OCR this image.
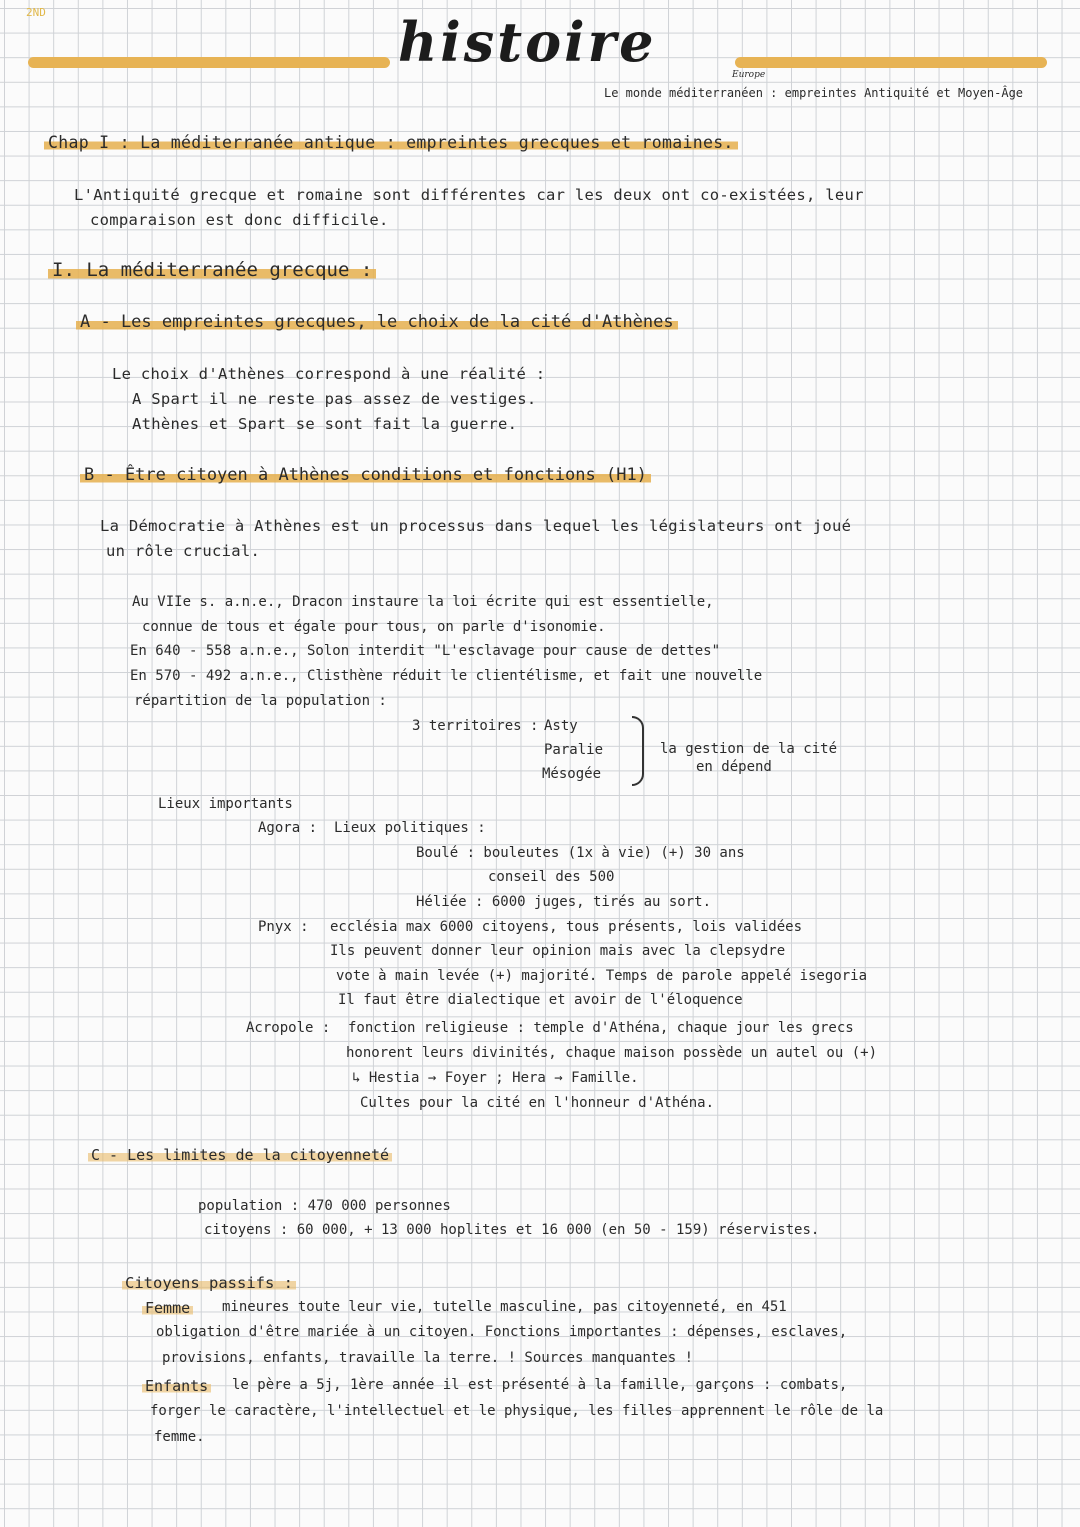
2ND	histoire
Europe
Le monde méditerranéen : empreintes Antiquité et Moyen-Âge
Chap I : La méditerranée antique : empreintes grecques et romaines.
L'Antiquité grecque et romaine sont différentes car les deux ont co-existées, leur
comparaison est donc difficile.
I. La méditerranée grecque :
A - Les empreintes grecques, le choix de la cité d'Athènes
Le choix d'Athènes correspond à une réalité :
A Spart il ne reste pas assez de vestiges.
Athènes et Spart se sont fait la guerre.
B - Être citoyen à Athènes conditions et fonctions (H1)
La Démocratie à Athènes est un processus dans lequel les législateurs ont joué
un rôle crucial.
Au VIIe s. a.n.e., Dracon instaure la loi écrite qui est essentielle,
connue de tous et égale pour tous, on parle d'isonomie.
En 640 - 558 a.n.e., Solon interdit "L'esclavage pour cause de dettes"
En 570 - 492 a.n.e., Clisthène réduit le clientélisme, et fait une nouvelle
répartition de la population :
3 territoires : Asty
Paralie
Mésogée
la gestion de la cité
en dépend
Lieux importants
Agora : Lieux politiques :
Boulé : bouleutes (1x à vie) (+) 30 ans
conseil des 500
Héliée : 6000 juges, tirés au sort.
Pnyx : ecclésia max 6000 citoyens, tous présents, lois validées
Ils peuvent donner leur opinion mais avec la clepsydre
vote à main levée (+) majorité. Temps de parole appelé isegoria
Il faut être dialectique et avoir de l'éloquence
Acropole : fonction religieuse : temple d'Athéna, chaque jour les grecs
honorent leurs divinités, chaque maison possède un autel ou (+)
↳ Hestia → Foyer ; Hera → Famille.
Cultes pour la cité en l'honneur d'Athéna.
C - Les limites de la citoyenneté
population : 470 000 personnes
citoyens : 60 000, + 13 000 hoplites et 16 000 (en 50 - 159) réservistes.
Citoyens passifs :
Femme mineures toute leur vie, tutelle masculine, pas citoyenneté, en 451
obligation d'être mariée à un citoyen. Fonctions importantes : dépenses, esclaves,
provisions, enfants, travaille la terre. ! Sources manquantes !
Enfants le père a 5j, 1ère année il est présenté à la famille, garçons : combats,
forger le caractère, l'intellectuel et le physique, les filles apprennent le rôle de la
femme.
